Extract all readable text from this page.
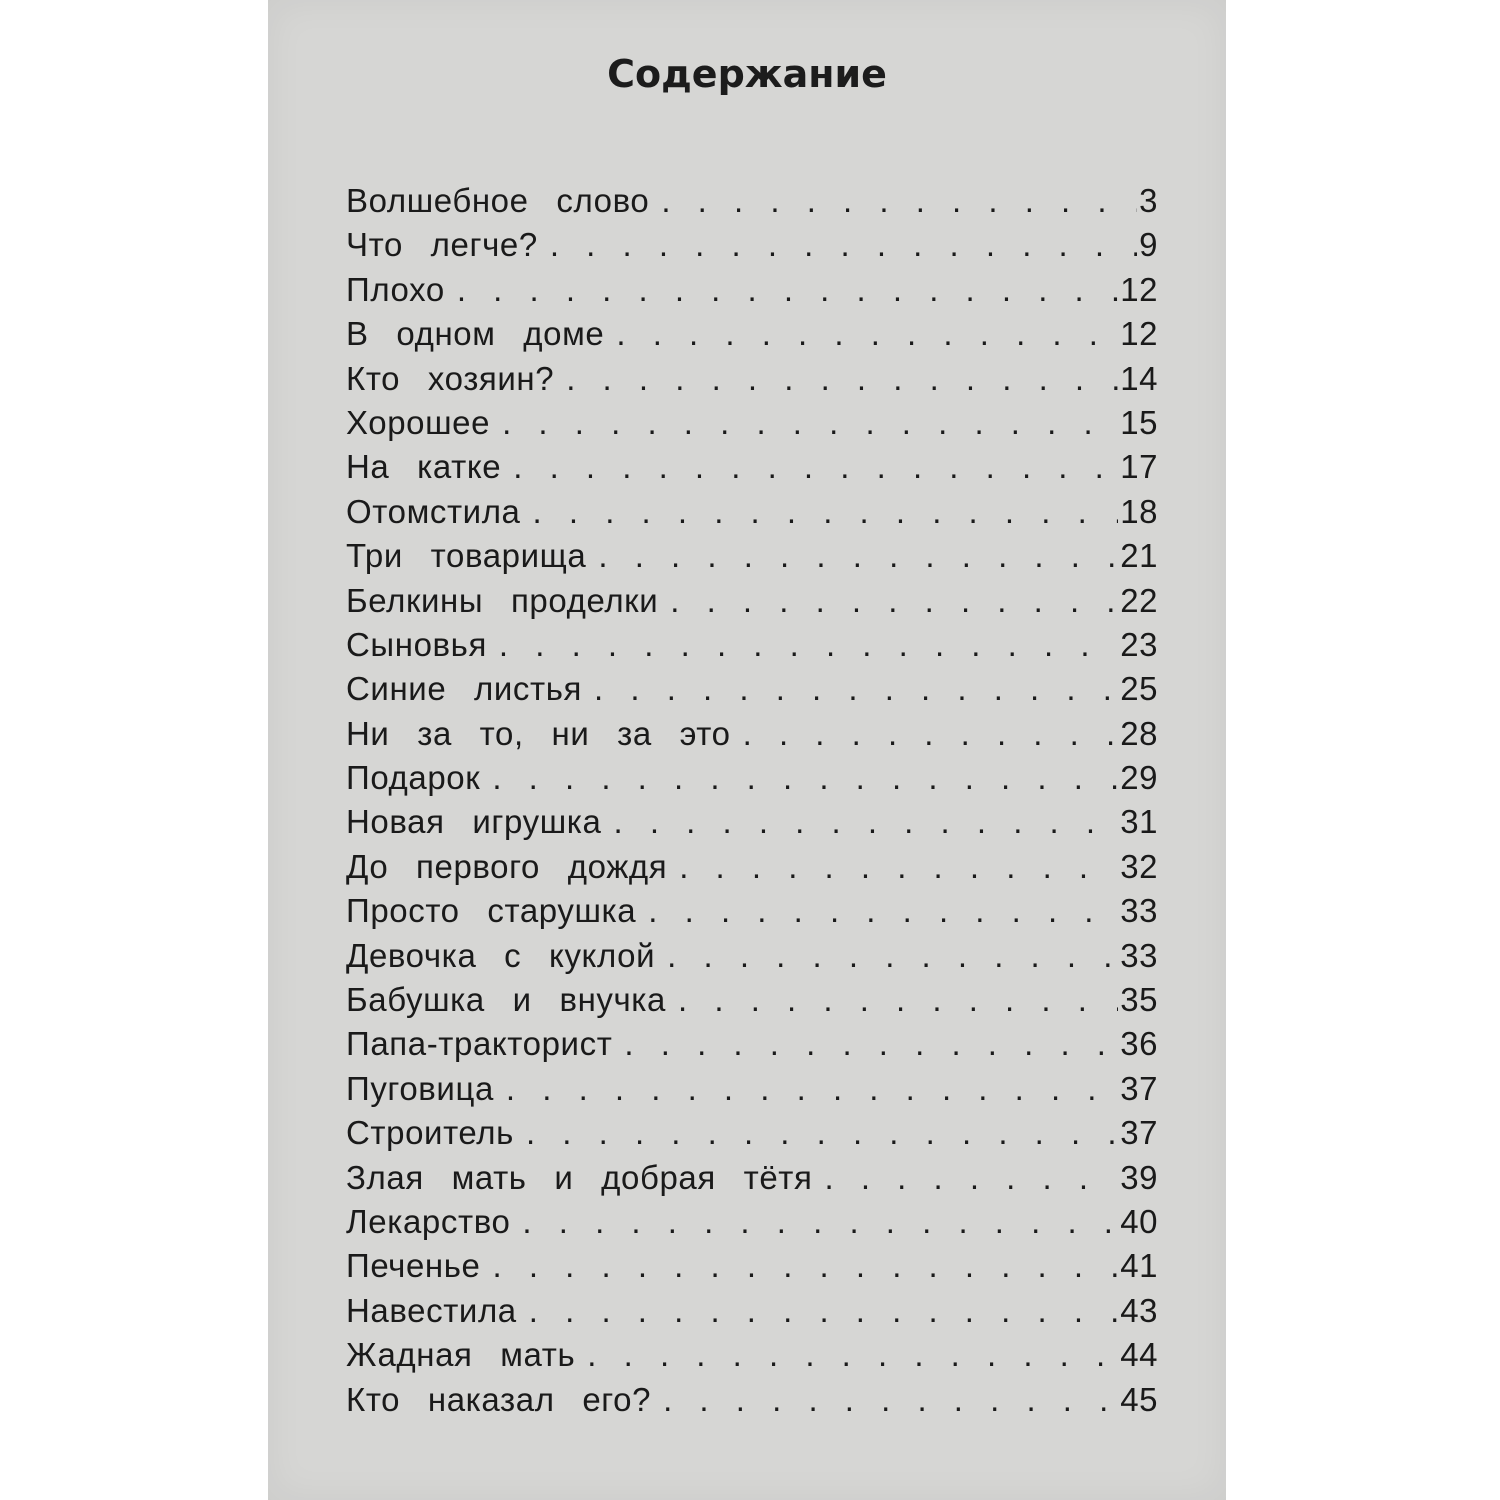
Содержание
Волшебное слово . . .	3
Что легче? . . .	9
Плохо . . .	12
В одном доме . . .	12
Кто хозяин? . . .	14
Хорошее . . .	15
На катке . . .	17
Отомстила . . .	18
Три товарища . . .	21
Белкины проделки . . .	22
Сыновья . . .	23
Синие листья . . .	25
Ни за то, ни за это . . .	28
Подарок . . .	29
Новая игрушка . . .	31
До первого дождя . . .	32
Просто старушка . . .	33
Девочка с куклой . . .	33
Бабушка и внучка . . .	35
Папа-тракторист . . .	36
Пуговица . . .	37
Строитель . . .	37
Злая мать и добрая тётя . . .	39
Лекарство . . .	40
Печенье . . .	41
Навестила . . .	43
Жадная мать . . .	44
Кто наказал его? . . .	45
